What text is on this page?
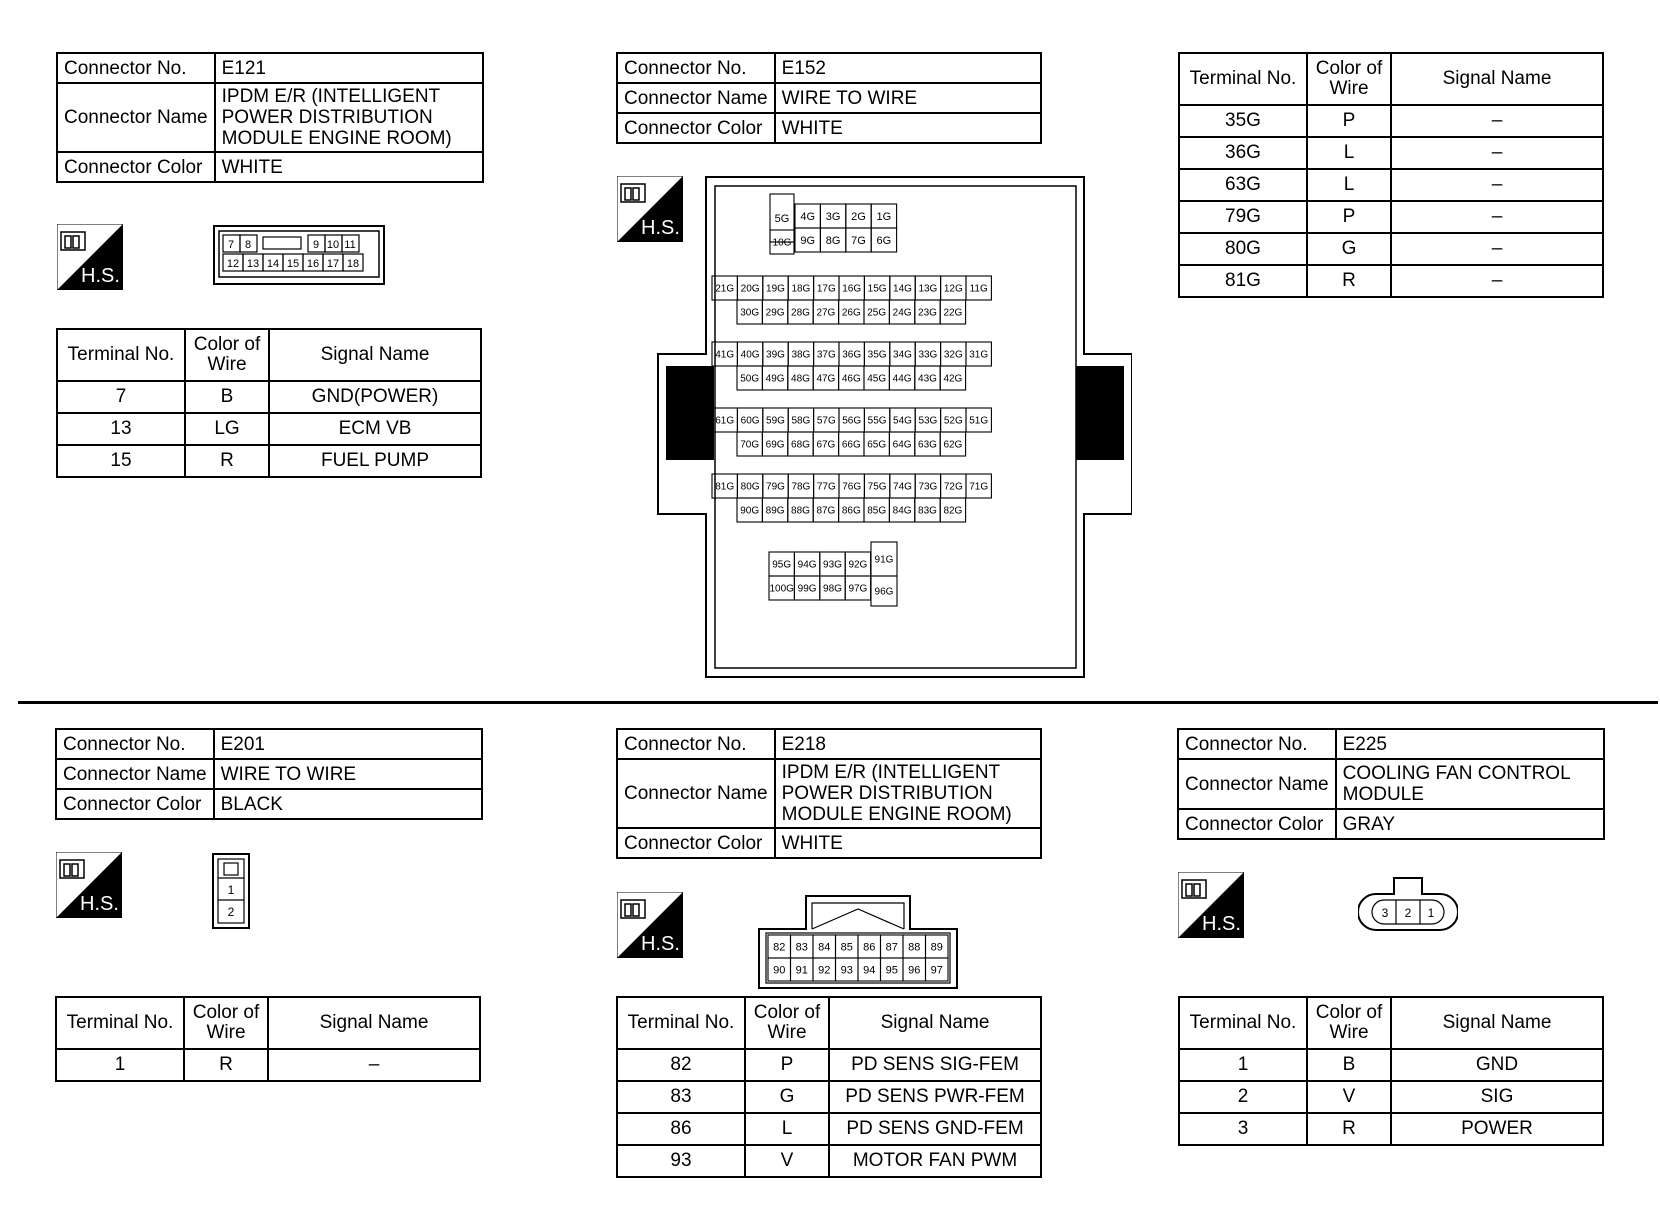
Connector No.	E121
Connector Name	IPDM E/R (INTELLIGENT
POWER DISTRIBUTION
MODULE ENGINE ROOM)

Connector Color	WHITE
H.S.
7 8	9 10 11
12 13 14 15 16 17 18
Terminal No.	Color of
Wire	Signal Name
7	B	GND(POWER)
13	LG	ECM VB
15	R	FUEL PUMP
Connector No.	E152
Connector Name	WIRE TO WIRE
Connector Color	WHITE
H.S.	5G 4G 3G 2G 1G
10G 9G 8G 7G 6G
21G 20G 19G 18G 17G 16G 15G 14G 13G 12G 11G
30G 29G 28G 27G 26G 25G 24G 23G 22G
41G 40G 39G 38G 37G 36G 35G 34G 33G 32G 31G
50G 49G 48G 47G 46G 45G 44G 43G 42G
61G 60G 59G 58G 57G 56G 55G 54G 53G 52G 51G
70G 69G 68G 67G 66G 65G 64G 63G 62G
81G 80G 79G 78G 77G 76G 75G 74G 73G 72G 71G
90G 89G 88G 87G 86G 85G 84G 83G 82G
95G 94G 93G 92G 91G
100G 99G 98G 97G 96G
Terminal No.	Color of
Wire	Signal Name
35G	P	–
36G	L	–
63G	L	–
79G	P	–
80G	G	–
81G	R	–
Connector No.	E201
Connector Name	WIRE TO WIRE
Connector Color	BLACK
H.S.
1
2
Terminal No.	Color of
Wire	Signal Name
1	R	–
Connector No.	E218
Connector Name	IPDM E/R (INTELLIGENT
POWER DISTRIBUTION
MODULE ENGINE ROOM)

Connector Color	WHITE
H.S.	82 83 84 85 86 87 88 89
90 91 92 93 94 95 96 97
Terminal No.	Color of
Wire	Signal Name
82	P	PD SENS SIG-FEM
83	G	PD SENS PWR-FEM
86	L	PD SENS GND-FEM
93	V	MOTOR FAN PWM
Connector No.	E225
Connector Name	COOLING FAN CONTROL
MODULE

Connector Color	GRAY
H.S.	3 2 1
Terminal No.	Color of
Wire	Signal Name
1	B	GND
2	V	SIG
3	R	POWER
